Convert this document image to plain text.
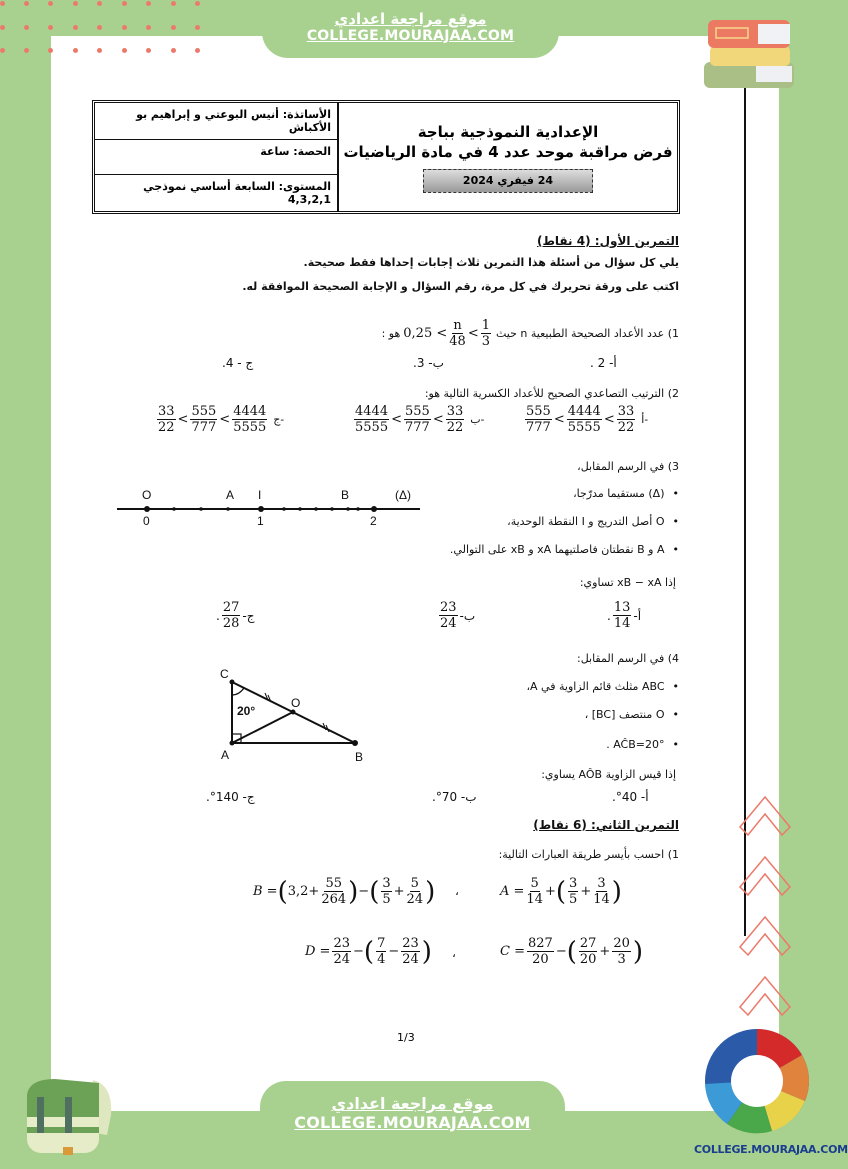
موقع مراجعة اعدادي
COLLEGE.MOURAJAA.COM
الأساتذة: أنيس البوعتي و إبراهيم بو الأكباش
الحصة: ساعة
المستوى: السابعة أساسي نموذجي 4,3,2,1
الإعدادية النموذجية بباجة
فرض مراقبة موحد عدد 4 في مادة الرياضيات
24 فيفري 2024
التمرين الأول: (4 نقاط)
يلي كل سؤال من أسئلة هذا التمرين ثلاث إجابات إحداها فقط صحيحة.
اكتب على ورقة تحريرك في كل مرة، رقم السؤال و الإجابة الصحيحة الموافقة له.
1) عدد الأعداد الصحيحة الطبيعية n حيث
$0,25 < \frac{n}{48} < \frac{1}{3}$
هو :
أ- 2 .
ب- 3.
ج - 4.
2) الترتيب التصاعدي الصحيح للأعداد الكسرية التالية هو:
$\frac{555}{777} < \frac{4444}{5555} < \frac{33}{22}$ أ-
$\frac{4444}{5555} < \frac{555}{777} < \frac{33}{22}$ ب-
$\frac{33}{22} < \frac{555}{777} < \frac{4444}{5555}$ ج-
3) في الرسم المقابل،
• (Δ) مستقيما مدرّجا،
• O أصل التدريج و I النقطة الوحدية،
• A و B نقطتان فاصلتيهما xA و xB على التوالي.
O	A I	B	(Δ)
0	1	2
إذا xB − xA تساوي:
أ-
$\frac{13}{14}$
.
ب-
$\frac{23}{24}$
ج-
$\frac{27}{28}$
.
4) في الرسم المقابل:
• ABC مثلث قائم الزاوية في A،
• O منتصف [BC] ،
• AĈB=20° .
إذا قيس الزاوية AÔB يساوي:
أ- 40°.
ب- 70°.
ج- 140°.
C
O
A	B
20°
التمرين الثاني: (6 نقاط)
1) احسب بأيسر طريقة العبارات التالية:
$A = \frac{5}{14}$ + ( $\frac{3}{5} + \frac{3}{14}$ )
،
B = ( $3,2+ \frac{55}{264}$ ) − ( $\frac{3}{5} + \frac{5}{24}$ )
$C = \frac{827}{20}$ − ( $\frac{27}{20} + \frac{20}{3}$ )
،
$D = \frac{23}{24}$ − ( $\frac{7}{4} - \frac{23}{24}$ )
1/3
COLLEGE.MOURAJAA.COM
موقع مراجعة اعدادي
COLLEGE.MOURAJAA.COM
